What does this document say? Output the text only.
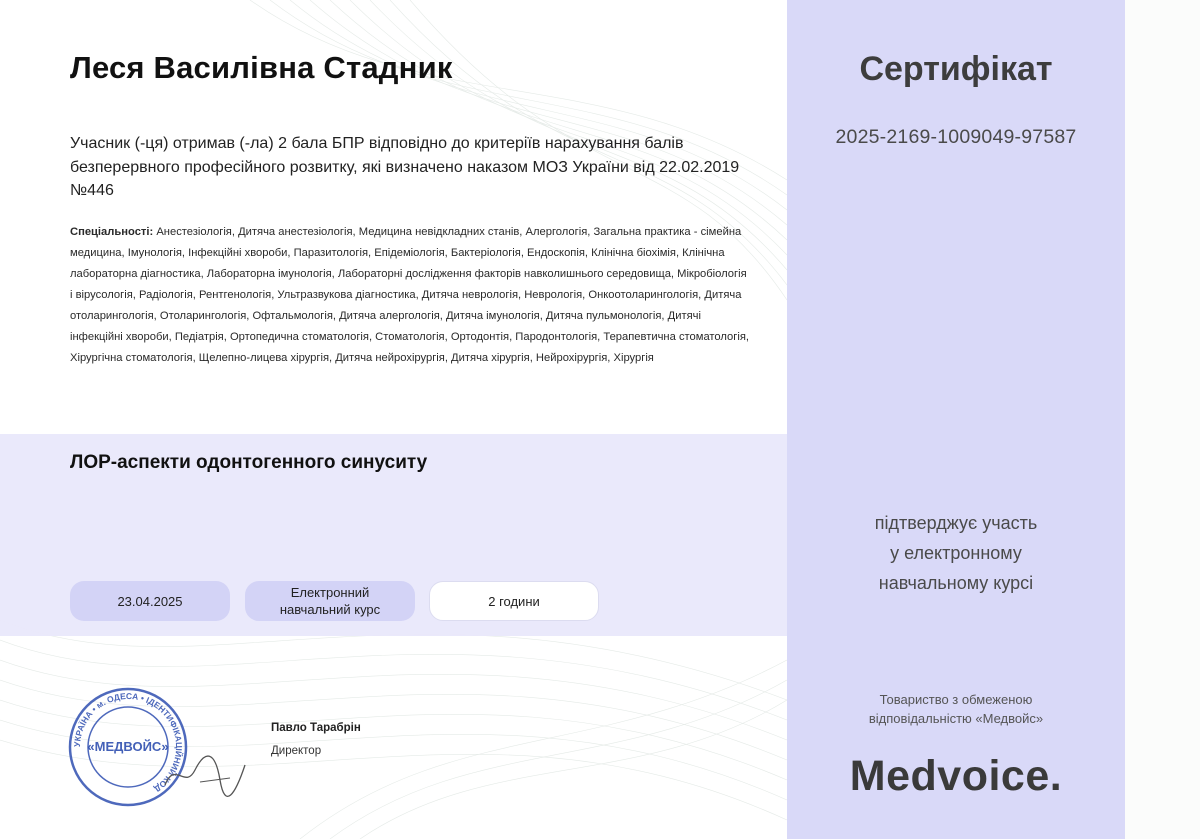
Леся Василівна Стадник
Учасник (-ця) отримав (-ла) 2 бала БПР відповідно до критеріїв нарахування балів безперервного професійного розвитку, які визначено наказом МОЗ України від 22.02.2019 №446
Спеціальності: Анестезіологія, Дитяча анестезіологія, Медицина невідкладних станів, Алергологія, Загальна практика - сімейна медицина, Імунологія, Інфекційні хвороби, Паразитологія, Епідеміологія, Бактеріологія, Ендоскопія, Клінічна біохімія, Клінічна лабораторна діагностика, Лабораторна імунологія, Лабораторні дослідження факторів навколишнього середовища, Мікробіологія і вірусологія, Радіологія, Рентгенологія, Ультразвукова діагностика, Дитяча неврологія, Неврологія, Онкоотоларингологія, Дитяча отоларингологія, Отоларингологія, Офтальмологія, Дитяча алергологія, Дитяча імунологія, Дитяча пульмонологія, Дитячі інфекційні хвороби, Педіатрія, Ортопедична стоматологія, Стоматологія, Ортодонтія, Пародонтологія, Терапевтична стоматологія, Хірургічна стоматологія, Щелепно-лицева хірургія, Дитяча нейрохірургія, Дитяча хірургія, Нейрохірургія, Хірургія
ЛОР-аспекти одонтогенного синуситу
23.04.2025
Електронний навчальний курс
2 години
УКРАЇНА • м. ОДЕСА • ІДЕНТИФІКАЦІЙНИЙ КОД
«МЕДВОЙС»
Павло Тарабрін
Директор
Сертифікат
2025-2169-1009049-97587
підтверджує участь
у електронному
навчальному курсі
Товариство з обмеженою
відповідальністю «Медвойс»
Medvoice.
